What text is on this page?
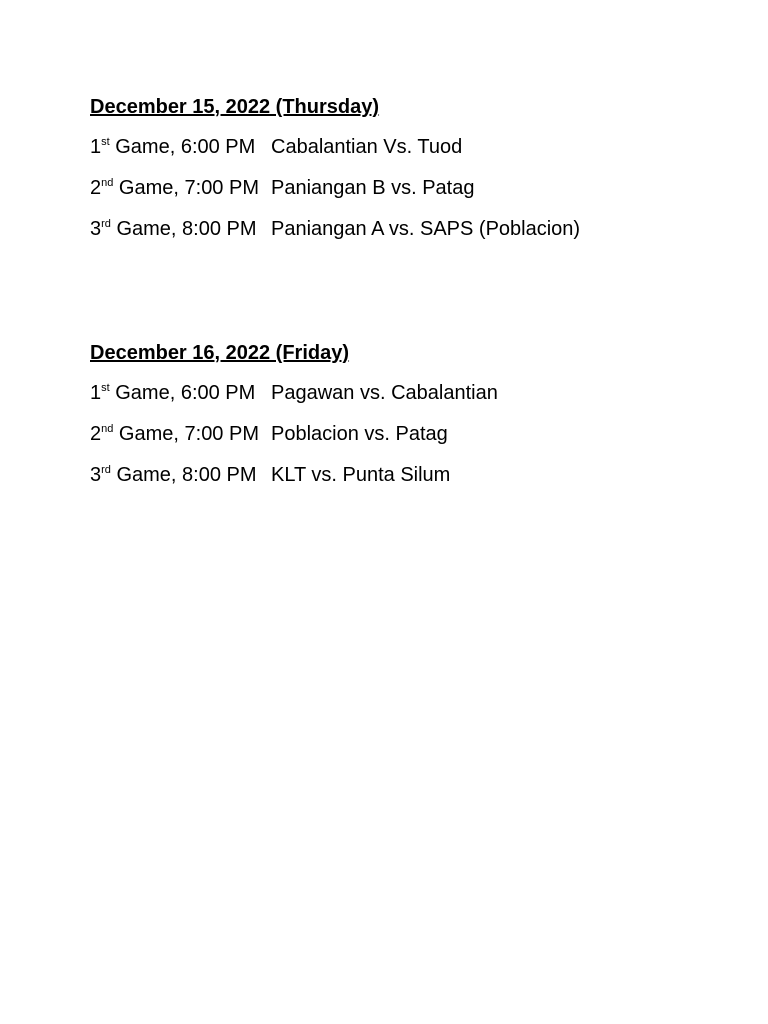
December 15, 2022 (Thursday)
1st Game, 6:00 PM Cabalantian Vs. Tuod
2nd Game, 7:00 PM Paniangan B vs. Patag
3rd Game, 8:00 PM Paniangan A vs. SAPS (Poblacion)
December 16, 2022 (Friday)
1st Game, 6:00 PM Pagawan vs. Cabalantian
2nd Game, 7:00 PM Poblacion vs. Patag
3rd Game, 8:00 PM KLT vs. Punta Silum
